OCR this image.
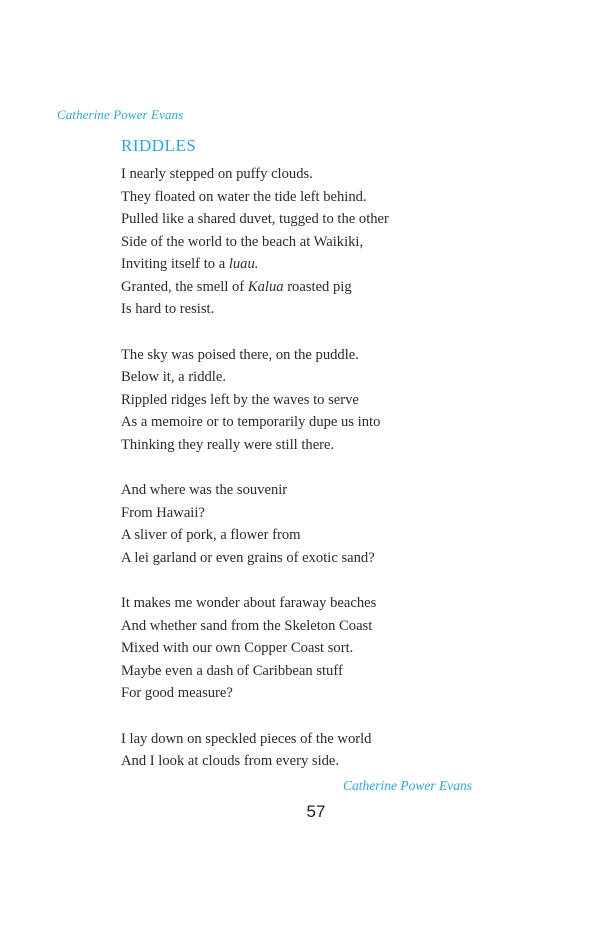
Catherine Power Evans
RIDDLES
I nearly stepped on puffy clouds.
They floated on water the tide left behind.
Pulled like a shared duvet, tugged to the other
Side of the world to the beach at Waikiki,
Inviting itself to a luau.
Granted, the smell of Kalua roasted pig
Is hard to resist.
The sky was poised there, on the puddle.
Below it, a riddle.
Rippled ridges left by the waves to serve
As a memoire or to temporarily dupe us into
Thinking they really were still there.
And where was the souvenir
From Hawaii?
A sliver of pork, a flower from
A lei garland or even grains of exotic sand?
It makes me wonder about faraway beaches
And whether sand from the Skeleton Coast
Mixed with our own Copper Coast sort.
Maybe even a dash of Caribbean stuff
For good measure?
I lay down on speckled pieces of the world
And I look at clouds from every side.
Catherine Power Evans
57
